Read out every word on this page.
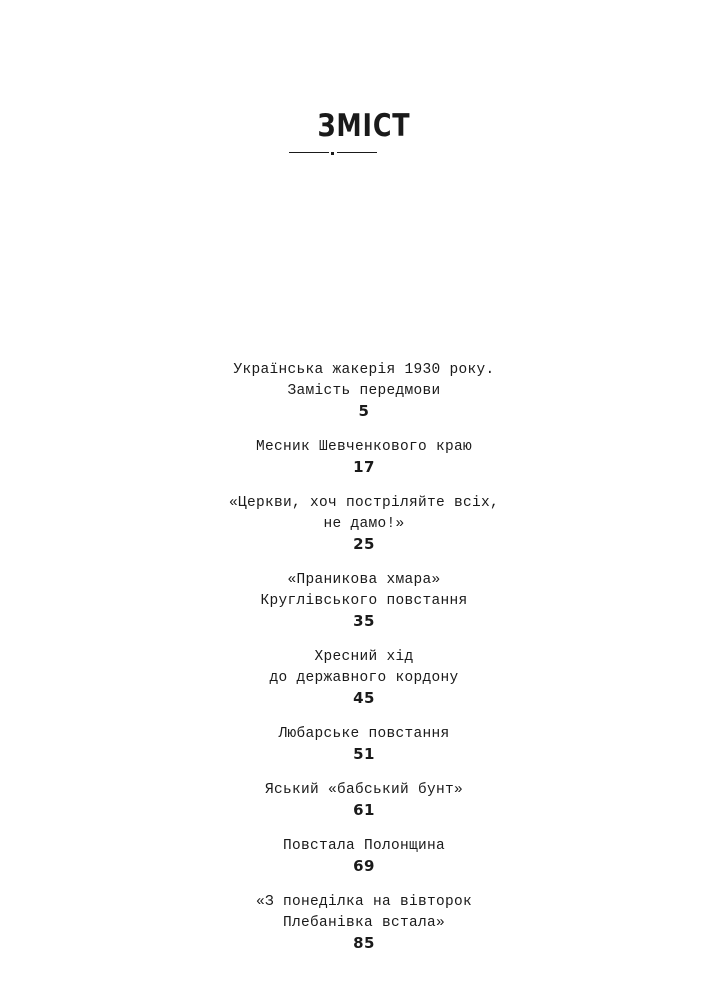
ЗМІСТ
Українська жакерія 1930 року.
Замість передмови
5
Месник Шевченкового краю
17
«Церкви, хоч постріляйте всіх,
не дамо!»
25
«Праникова хмара»
Круглівського повстання
35
Хресний хід
до державного кордону
45
Любарське повстання
51
Яський «бабський бунт»
61
Повстала Полонщина
69
«З понеділка на вівторок
Плебанівка встала»
85
